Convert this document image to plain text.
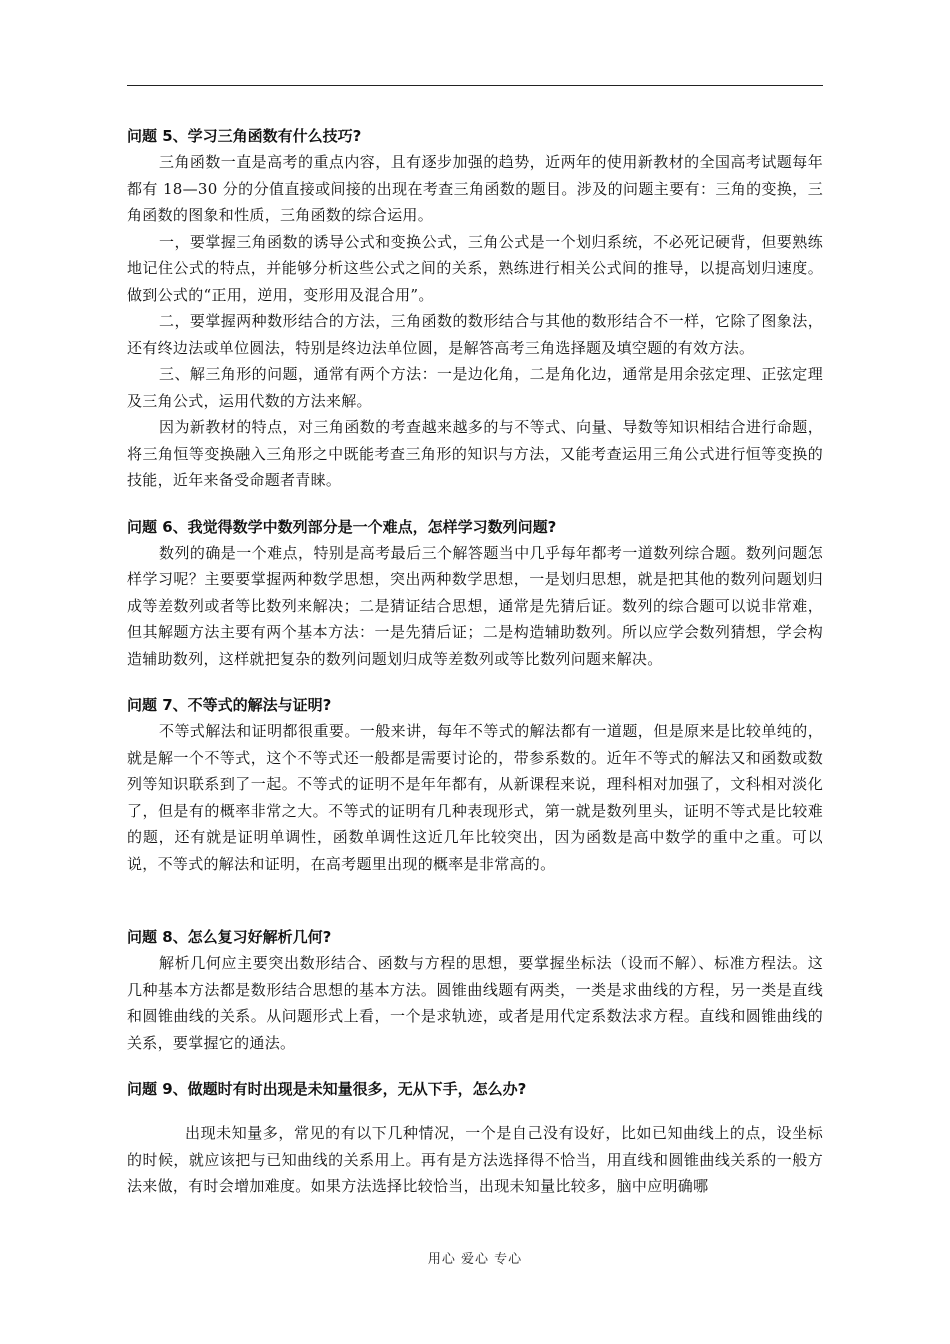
问题 5、学习三角函数有什么技巧?

三角函数一直是高考的重点内容，且有逐步加强的趋势，近两年的使用新教材的全国高考试题每年都有 18—30 分的分值直接或间接的出现在考查三角函数的题目。涉及的问题主要有：三角的变换，三角函数的图象和性质，三角函数的综合运用。

一，要掌握三角函数的诱导公式和变换公式，三角公式是一个划归系统，不必死记硬背，但要熟练地记住公式的特点，并能够分析这些公式之间的关系，熟练进行相关公式间的推导，以提高划归速度。做到公式的“正用，逆用，变形用及混合用”。

二，要掌握两种数形结合的方法，三角函数的数形结合与其他的数形结合不一样，它除了图象法，还有终边法或单位圆法，特别是终边法单位圆，是解答高考三角选择题及填空题的有效方法。

三、解三角形的问题，通常有两个方法：一是边化角，二是角化边，通常是用余弦定理、正弦定理及三角公式，运用代数的方法来解。

因为新教材的特点，对三角函数的考查越来越多的与不等式、向量、导数等知识相结合进行命题，将三角恒等变换融入三角形之中既能考查三角形的知识与方法，又能考查运用三角公式进行恒等变换的技能，近年来备受命题者青睐。

问题 6、我觉得数学中数列部分是一个难点，怎样学习数列问题?

数列的确是一个难点，特别是高考最后三个解答题当中几乎每年都考一道数列综合题。数列问题怎样学习呢？主要要掌握两种数学思想，突出两种数学思想，一是划归思想，就是把其他的数列问题划归成等差数列或者等比数列来解决；二是猜证结合思想，通常是先猜后证。数列的综合题可以说非常难，但其解题方法主要有两个基本方法：一是先猜后证；二是构造辅助数列。所以应学会数列猜想，学会构造辅助数列，这样就把复杂的数列问题划归成等差数列或等比数列问题来解决。

问题 7、不等式的解法与证明?

不等式解法和证明都很重要。一般来讲，每年不等式的解法都有一道题，但是原来是比较单纯的，就是解一个不等式，这个不等式还一般都是需要讨论的，带参系数的。近年不等式的解法又和函数或数列等知识联系到了一起。不等式的证明不是年年都有，从新课程来说，理科相对加强了，文科相对淡化了，但是有的概率非常之大。不等式的证明有几种表现形式，第一就是数列里头，证明不等式是比较难的题，还有就是证明单调性，函数单调性这近几年比较突出，因为函数是高中数学的重中之重。可以说，不等式的解法和证明，在高考题里出现的概率是非常高的。

问题 8、怎么复习好解析几何?

解析几何应主要突出数形结合、函数与方程的思想，要掌握坐标法（设而不解）、标准方程法。这几种基本方法都是数形结合思想的基本方法。圆锥曲线题有两类，一类是求曲线的方程，另一类是直线和圆锥曲线的关系。从问题形式上看，一个是求轨迹，或者是用代定系数法求方程。直线和圆锥曲线的关系，要掌握它的通法。

问题 9、做题时有时出现是未知量很多，无从下手，怎么办?

出现未知量多，常见的有以下几种情况，一个是自己没有设好，比如已知曲线上的点，设坐标的时候，就应该把与已知曲线的关系用上。再有是方法选择得不恰当，用直线和圆锥曲线关系的一般方法来做，有时会增加难度。如果方法选择比较恰当，出现未知量比较多，脑中应明确哪

用心 爱心 专心
